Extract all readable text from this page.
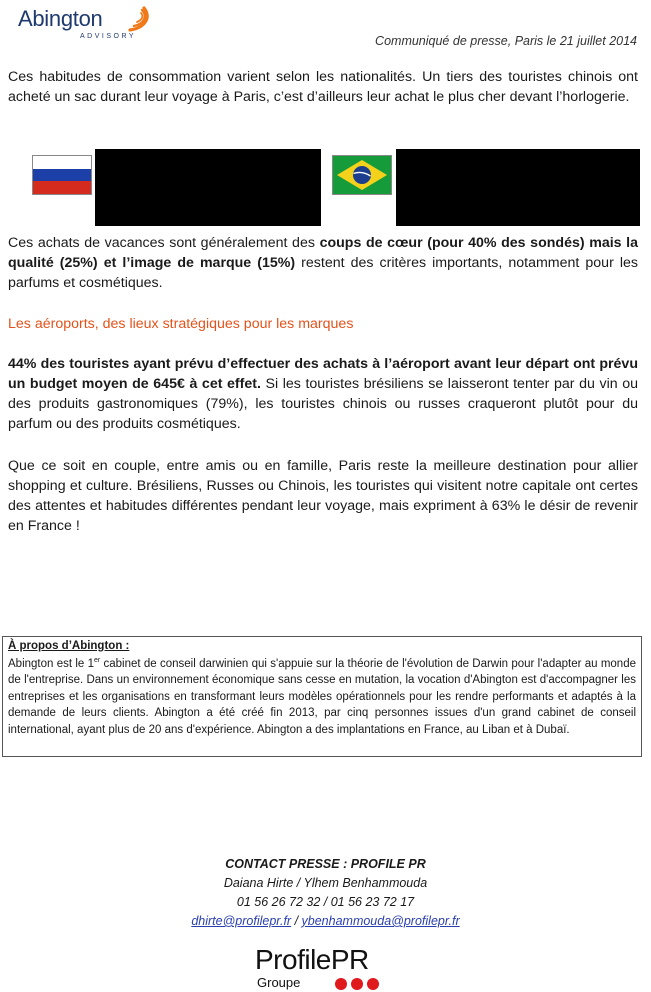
Abington
ADVISORY	Communiqué de presse, Paris le 21 juillet 2014

Ces habitudes de consommation varient selon les nationalités. Un tiers des touristes chinois ont acheté un sac durant leur voyage à Paris, c’est d’ailleurs leur achat le plus cher devant l’horlogerie.

Ces achats de vacances sont généralement des coups de cœur (pour 40% des sondés) mais la qualité (25%) et l’image de marque (15%) restent des critères importants, notamment pour les parfums et cosmétiques.

Les aéroports, des lieux stratégiques pour les marques

44% des touristes ayant prévu d’effectuer des achats à l’aéroport avant leur départ ont prévu un budget moyen de 645€ à cet effet. Si les touristes brésiliens se laisseront tenter par du vin ou des produits gastronomiques (79%), les touristes chinois ou russes craqueront plutôt pour du parfum ou des produits cosmétiques.

Que ce soit en couple, entre amis ou en famille, Paris reste la meilleure destination pour allier shopping et culture. Brésiliens, Russes ou Chinois, les touristes qui visitent notre capitale ont certes des attentes et habitudes différentes pendant leur voyage, mais expriment à 63% le désir de revenir en France !

À propos d’Abington :

Abington est le 1er cabinet de conseil darwinien qui s'appuie sur la théorie de l'évolution de Darwin pour l'adapter au monde de l'entreprise. Dans un environnement économique sans cesse en mutation, la vocation d'Abington est d'accompagner les entreprises et les organisations en transformant leurs modèles opérationnels pour les rendre performants et adaptés à la demande de leurs clients. Abington a été créé fin 2013, par cinq personnes issues d'un grand cabinet de conseil international, ayant plus de 20 ans d'expérience. Abington a des implantations en France, au Liban et à Dubaï.

CONTACT PRESSE : PROFILE PR
Daiana Hirte / Ylhem Benhammouda
01 56 26 72 32 / 01 56 23 72 17
dhirte@profilepr.fr / ybenhammouda@profilepr.fr
ProfilePR
Groupe
